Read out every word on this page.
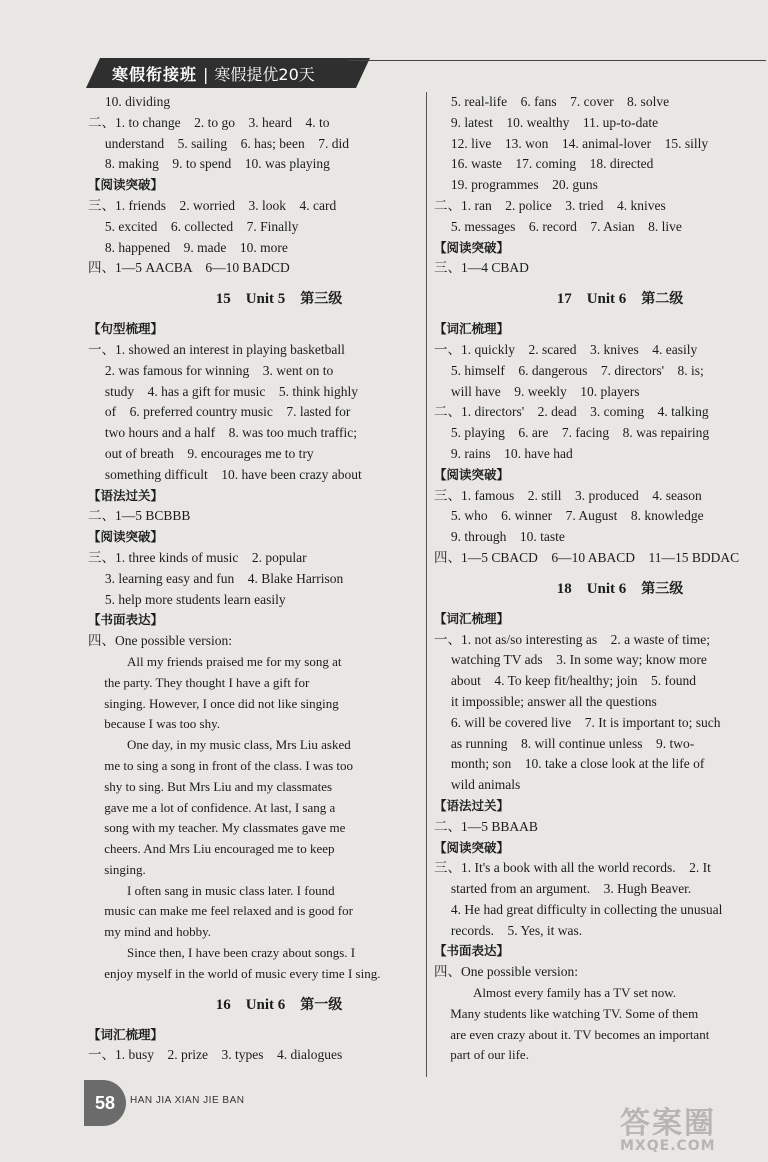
寒假衔接班 | 寒假提优20天
　 10. dividing
二、1. to change　2. to go　3. heard　4. to
　 understand　5. sailing　6. has; been　7. did
　 8. making　9. to spend　10. was playing
【阅读突破】
三、1. friends　2. worried　3. look　4. card
　 5. excited　6. collected　7. Finally
　 8. happened　9. made　10. more
四、1—5 AACBA　6—10 BADCD
15　Unit 5　第三级
【句型梳理】
一、1. showed an interest in playing basketball
　 2. was famous for winning　3. went on to
　 study　4. has a gift for music　5. think highly
　 of　6. preferred country music　7. lasted for
　 two hours and a half　8. was too much traffic;
　 out of breath　9. encourages me to try
　 something difficult　10. have been crazy about
【语法过关】
二、1—5 BCBBB
【阅读突破】
三、1. three kinds of music　2. popular
　 3. learning easy and fun　4. Blake Harrison
　 5. help more students learn easily
【书面表达】
四、One possible version:
　　　All my friends praised me for my song at
　 the party. They thought I have a gift for
　 singing. However, I once did not like singing
　 because I was too shy.
　　　One day, in my music class, Mrs Liu asked
　 me to sing a song in front of the class. I was too
　 shy to sing. But Mrs Liu and my classmates
　 gave me a lot of confidence. At last, I sang a
　 song with my teacher. My classmates gave me
　 cheers. And Mrs Liu encouraged me to keep
　 singing.
　　　I often sang in music class later. I found
　 music can make me feel relaxed and is good for
　 my mind and hobby.
　　　Since then, I have been crazy about songs. I
　 enjoy myself in the world of music every time I sing.
16　Unit 6　第一级
【词汇梳理】
一、1. busy　2. prize　3. types　4. dialogues
　 5. real-life　6. fans　7. cover　8. solve
　 9. latest　10. wealthy　11. up-to-date
　 12. live　13. won　14. animal-lover　15. silly
　 16. waste　17. coming　18. directed
　 19. programmes　20. guns
二、1. ran　2. police　3. tried　4. knives
　 5. messages　6. record　7. Asian　8. live
【阅读突破】
三、1—4 CBAD
17　Unit 6　第二级
【词汇梳理】
一、1. quickly　2. scared　3. knives　4. easily
　 5. himself　6. dangerous　7. directors'　8. is;
　 will have　9. weekly　10. players
二、1. directors'　2. dead　3. coming　4. talking
　 5. playing　6. are　7. facing　8. was repairing
　 9. rains　10. have had
【阅读突破】
三、1. famous　2. still　3. produced　4. season
　 5. who　6. winner　7. August　8. knowledge
　 9. through　10. taste
四、1—5 CBACD　6—10 ABACD　11—15 BDDAC
18　Unit 6　第三级
【词汇梳理】
一、1. not as/so interesting as　2. a waste of time;
　 watching TV ads　3. In some way; know more
　 about　4. To keep fit/healthy; join　5. found
　 it impossible; answer all the questions
　 6. will be covered live　7. It is important to; such
　 as running　8. will continue unless　9. two-
　 month; son　10. take a close look at the life of
　 wild animals
【语法过关】
二、1—5 BBAAB
【阅读突破】
三、1. It's a book with all the world records.　2. It
　 started from an argument.　3. Hugh Beaver.
　 4. He had great difficulty in collecting the unusual
　 records.　5. Yes, it was.
【书面表达】
四、One possible version:
　　　Almost every family has a TV set now.
　 Many students like watching TV. Some of them
　 are even crazy about it. TV becomes an important
　 part of our life.
58	HAN JIA XIAN JIE BAN
答案圈
MXQE.COM
